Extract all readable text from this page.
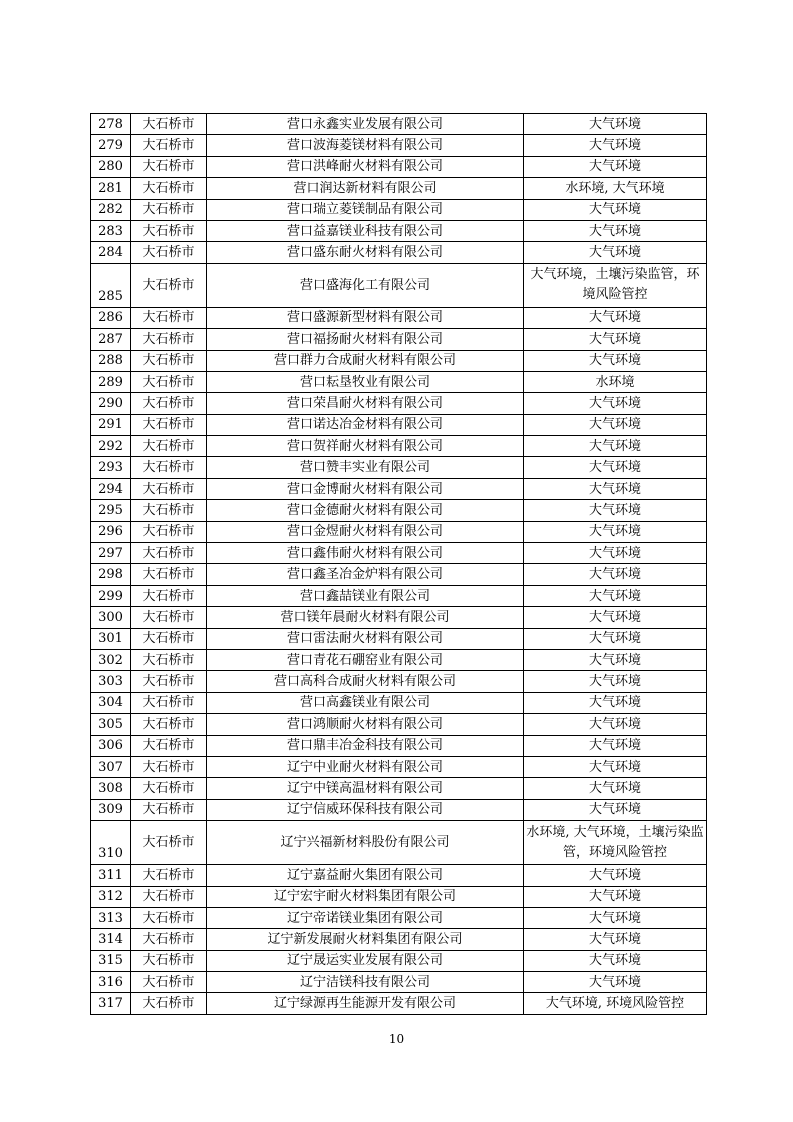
278	大石桥市	营口永鑫实业发展有限公司	大气环境
279	大石桥市	营口波海菱镁材料有限公司	大气环境
280	大石桥市	营口洪峰耐火材料有限公司	大气环境
281	大石桥市	营口润达新材料有限公司	水环境, 大气环境
282	大石桥市	营口瑞立菱镁制品有限公司	大气环境
283	大石桥市	营口益嘉镁业科技有限公司	大气环境
284	大石桥市	营口盛东耐火材料有限公司	大气环境
285	大石桥市	营口盛海化工有限公司	大气环境，土壤污染监管，环境风险管控
286	大石桥市	营口盛源新型材料有限公司	大气环境
287	大石桥市	营口福扬耐火材料有限公司	大气环境
288	大石桥市	营口群力合成耐火材料有限公司	大气环境
289	大石桥市	营口耘垦牧业有限公司	水环境
290	大石桥市	营口荣昌耐火材料有限公司	大气环境
291	大石桥市	营口诺达冶金材料有限公司	大气环境
292	大石桥市	营口贺祥耐火材料有限公司	大气环境
293	大石桥市	营口赞丰实业有限公司	大气环境
294	大石桥市	营口金博耐火材料有限公司	大气环境
295	大石桥市	营口金德耐火材料有限公司	大气环境
296	大石桥市	营口金煜耐火材料有限公司	大气环境
297	大石桥市	营口鑫伟耐火材料有限公司	大气环境
298	大石桥市	营口鑫圣冶金炉料有限公司	大气环境
299	大石桥市	营口鑫喆镁业有限公司	大气环境
300	大石桥市	营口镁年晨耐火材料有限公司	大气环境
301	大石桥市	营口雷法耐火材料有限公司	大气环境
302	大石桥市	营口青花石硼窑业有限公司	大气环境
303	大石桥市	营口高科合成耐火材料有限公司	大气环境
304	大石桥市	营口高鑫镁业有限公司	大气环境
305	大石桥市	营口鸿顺耐火材料有限公司	大气环境
306	大石桥市	营口鼎丰冶金科技有限公司	大气环境
307	大石桥市	辽宁中业耐火材料有限公司	大气环境
308	大石桥市	辽宁中镁高温材料有限公司	大气环境
309	大石桥市	辽宁信威环保科技有限公司	大气环境
310	大石桥市	辽宁兴福新材料股份有限公司	水环境, 大气环境，土壤污染监管，环境风险管控
311	大石桥市	辽宁嘉益耐火集团有限公司	大气环境
312	大石桥市	辽宁宏宇耐火材料集团有限公司	大气环境
313	大石桥市	辽宁帝诺镁业集团有限公司	大气环境
314	大石桥市	辽宁新发展耐火材料集团有限公司	大气环境
315	大石桥市	辽宁晟运实业发展有限公司	大气环境
316	大石桥市	辽宁洁镁科技有限公司	大气环境
317	大石桥市	辽宁绿源再生能源开发有限公司	大气环境, 环境风险管控
10
